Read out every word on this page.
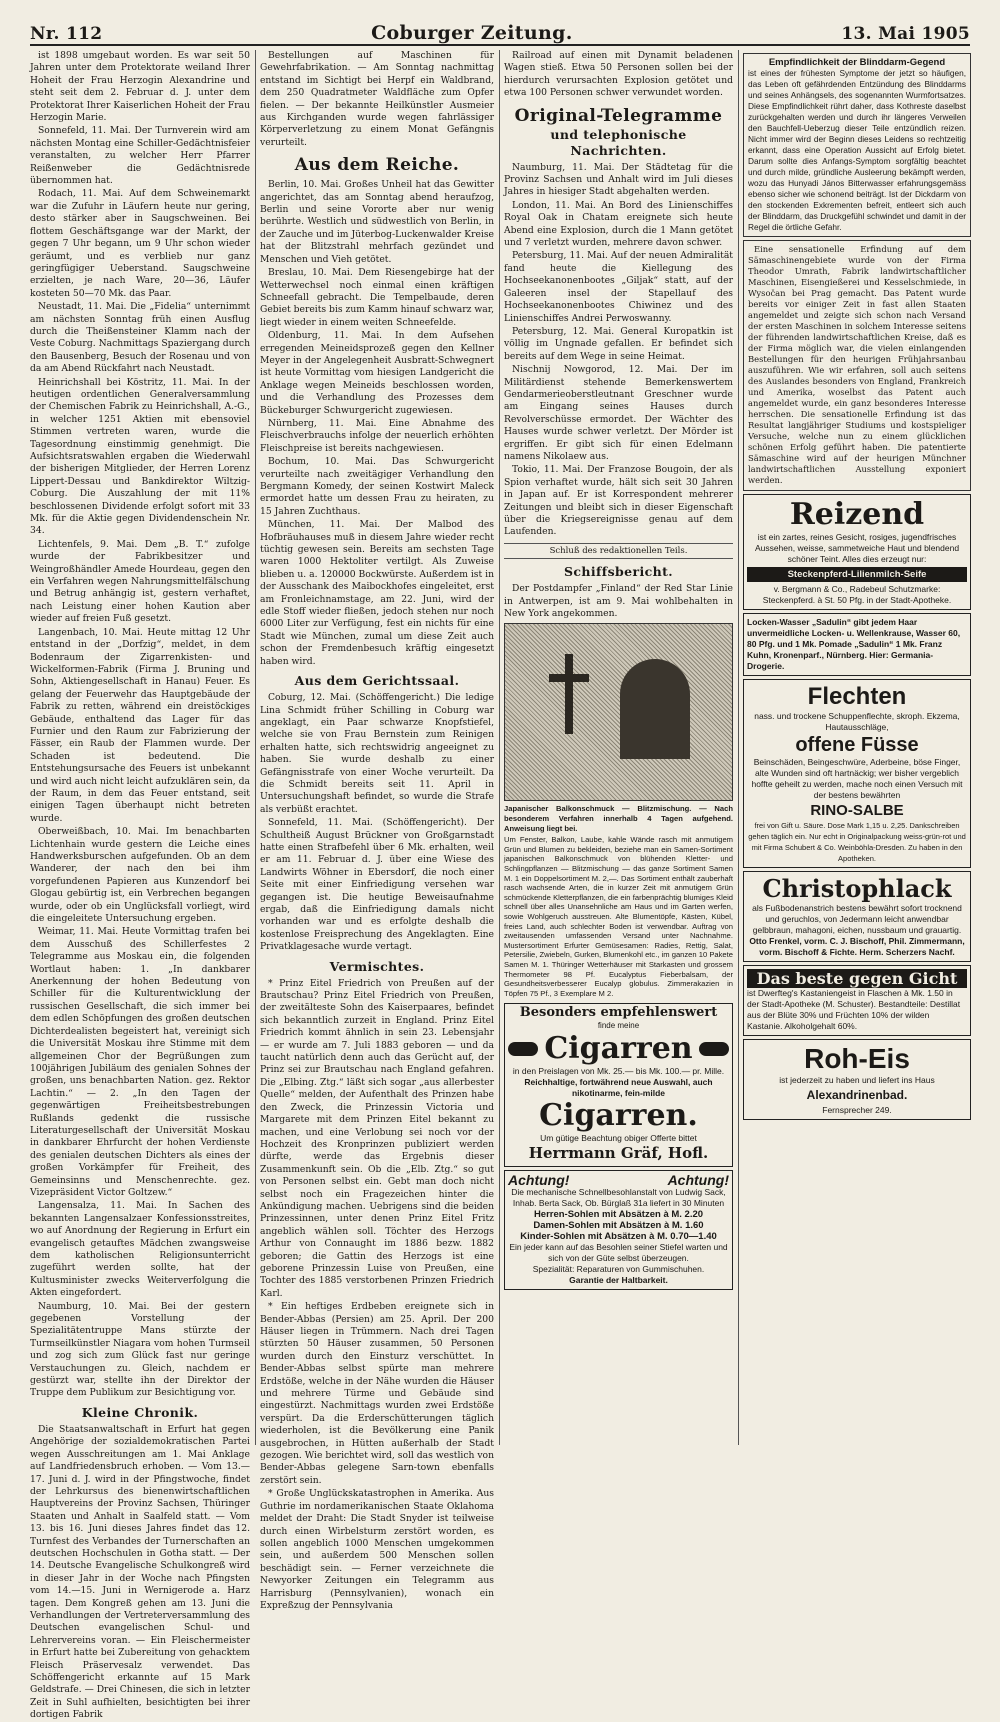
Nr. 112	Coburger Zeitung.	13. Mai 1905

ist 1898 umgebaut worden. Es war seit 50 Jahren unter dem Protektorate weiland Ihrer Hoheit der Frau Herzogin Alexandrine und steht seit dem 2. Februar d. J. unter dem Protektorat Ihrer Kaiserlichen Hoheit der Frau Herzogin Marie.

Sonnefeld, 11. Mai. Der Turnverein wird am nächsten Montag eine Schiller-Gedächtnisfeier veranstalten, zu welcher Herr Pfarrer Reißenweber die Gedächtnisrede übernommen hat.

Rodach, 11. Mai. Auf dem Schweinemarkt war die Zufuhr in Läufern heute nur gering, desto stärker aber in Saugschweinen. Bei flottem Geschäftsgange war der Markt, der gegen 7 Uhr begann, um 9 Uhr schon wieder geräumt, und es verblieb nur ganz geringfügiger Ueberstand. Saugschweine erzielten, je nach Ware, 20—36, Läufer kosteten 50—70 Mk. das Paar.

Neustadt, 11. Mai. Die „Fidelia“ unternimmt am nächsten Sonntag früh einen Ausflug durch die Theißensteiner Klamm nach der Veste Coburg. Nachmittags Spaziergang durch den Bausenberg, Besuch der Rosenau und von da am Abend Rückfahrt nach Neustadt.

Heinrichshall bei Köstritz, 11. Mai. In der heutigen ordentlichen Generalversammlung der Chemischen Fabrik zu Heinrichshall, A.-G., in welcher 1251 Aktien mit ebensoviel Stimmen vertreten waren, wurde die Tagesordnung einstimmig genehmigt. Die Aufsichtsratswahlen ergaben die Wiederwahl der bisherigen Mitglieder, der Herren Lorenz Lippert-Dessau und Bankdirektor Wiltzig-Coburg. Die Auszahlung der mit 11% beschlossenen Dividende erfolgt sofort mit 33 Mk. für die Aktie gegen Dividendenschein Nr. 34.

Lichtenfels, 9. Mai. Dem „B. T.“ zufolge wurde der Fabrikbesitzer und Weingroßhändler Amede Hourdeau, gegen den ein Verfahren wegen Nahrungsmittelfälschung und Betrug anhängig ist, gestern verhaftet, nach Leistung einer hohen Kaution aber wieder auf freien Fuß gesetzt.

Langenbach, 10. Mai. Heute mittag 12 Uhr entstand in der „Dorfzig“, meldet, in dem Bodenraum der Zigarrenkisten- und Wickelformen-Fabrik (Firma J. Bruning und Sohn, Aktiengesellschaft in Hanau) Feuer. Es gelang der Feuerwehr das Hauptgebäude der Fabrik zu retten, während ein dreistöckiges Gebäude, enthaltend das Lager für das Furnier und den Raum zur Fabrizierung der Fässer, ein Raub der Flammen wurde. Der Schaden ist bedeutend. Die Entstehungsursache des Feuers ist unbekannt und wird auch nicht leicht aufzuklären sein, da der Raum, in dem das Feuer entstand, seit einigen Tagen überhaupt nicht betreten wurde.

Oberweißbach, 10. Mai. Im benachbarten Lichtenhain wurde gestern die Leiche eines Handwerksburschen aufgefunden. Ob an dem Wanderer, der nach den bei ihm vorgefundenen Papieren aus Kunzendorf bei Glogau gebürtig ist, ein Verbrechen begangen wurde, oder ob ein Unglücksfall vorliegt, wird die eingeleitete Untersuchung ergeben.

Weimar, 11. Mai. Heute Vormittag trafen bei dem Ausschuß des Schillerfestes 2 Telegramme aus Moskau ein, die folgenden Wortlaut haben: 1. „In dankbarer Anerkennung der hohen Bedeutung von Schiller für die Kulturentwicklung der russischen Gesellschaft, die sich immer bei dem edlen Schöpfungen des großen deutschen Dichterdealisten begeistert hat, vereinigt sich die Universität Moskau ihre Stimme mit dem allgemeinen Chor der Begrüßungen zum 100jährigen Jubiläum des genialen Sohnes der großen, uns benachbarten Nation. gez. Rektor Lachtin.“ — 2. „In den Tagen der gegenwärtigen Freiheitsbestrebungen Rußlands gedenkt die russische Literaturgesellschaft der Universität Moskau in dankbarer Ehrfurcht der hohen Verdienste des genialen deutschen Dichters als eines der großen Vorkämpfer für Freiheit, des Gemeinsinns und Menschenrechte. gez. Vizepräsident Victor Goltzew.“

Langensalza, 11. Mai. In Sachen des bekannten Langensalzaer Konfessionsstreites, wo auf Anordnung der Regierung in Erfurt ein evangelisch getauftes Mädchen zwangsweise dem katholischen Religionsunterricht zugeführt werden sollte, hat der Kultusminister zwecks Weiterverfolgung die Akten eingefordert.

Naumburg, 10. Mai. Bei der gestern gegebenen Vorstellung der Spezialitätentruppe Mans stürzte der Turmseilkünstler Niagara vom hohen Turmseil und zog sich zum Glück fast nur geringe Verstauchungen zu. Gleich, nachdem er gestürzt war, stellte ihn der Direktor der Truppe dem Publikum zur Besichtigung vor.

Kleine Chronik.

Die Staatsanwaltschaft in Erfurt hat gegen Angehörige der sozialdemokratischen Partei wegen Ausschreitungen am 1. Mai Anklage auf Landfriedensbruch erhoben. — Vom 13.—17. Juni d. J. wird in der Pfingstwoche, findet der Lehrkursus des bienenwirtschaftlichen Hauptvereins der Provinz Sachsen, Thüringer Staaten und Anhalt in Saalfeld statt. — Vom 13. bis 16. Juni dieses Jahres findet das 12. Turnfest des Verbandes der Turnerschaften an deutschen Hochschulen in Gotha statt. — Der 14. Deutsche Evangelische Schulkongreß wird in dieser Jahr in der Woche nach Pfingsten vom 14.—15. Juni in Wernigerode a. Harz tagen. Dem Kongreß gehen am 13. Juni die Verhandlungen der Vertreterversammlung des Deutschen evangelischen Schul- und Lehrervereins voran. — Ein Fleischermeister in Erfurt hatte bei Zubereitung von gehacktem Fleisch Präservesalz verwendet. Das Schöffengericht erkannte auf 15 Mark Geldstrafe. — Drei Chinesen, die sich in letzter Zeit in Suhl aufhielten, besichtigten bei ihrer dortigen Fabrik

Bestellungen auf Maschinen für Gewehrfabrikation. — Am Sonntag nachmittag entstand im Sichtigt bei Herpf ein Waldbrand, dem 250 Quadratmeter Waldfläche zum Opfer fielen. — Der bekannte Heilkünstler Ausmeier aus Kirchganden wurde wegen fahrlässiger Körperverletzung zu einem Monat Gefängnis verurteilt.

Aus dem Reiche.

Berlin, 10. Mai. Großes Unheil hat das Gewitter angerichtet, das am Sonntag abend heraufzog, Berlin und seine Vororte aber nur wenig berührte. Westlich und südwestlich von Berlin, in der Zauche und im Jüterbog-Luckenwalder Kreise hat der Blitzstrahl mehrfach gezündet und Menschen und Vieh getötet.

Breslau, 10. Mai. Dem Riesengebirge hat der Wetterwechsel noch einmal einen kräftigen Schneefall gebracht. Die Tempelbaude, deren Gebiet bereits bis zum Kamm hinauf schwarz war, liegt wieder in einem weiten Schneefelde.

Oldenburg, 11. Mai. In dem Aufsehen erregenden Meineidsprozeß gegen den Kellner Meyer in der Angelegenheit Ausbratt-Schwegnert ist heute Vormittag vom hiesigen Landgericht die Anklage wegen Meineids beschlossen worden, und die Verhandlung des Prozesses dem Bückeburger Schwurgericht zugewiesen.

Nürnberg, 11. Mai. Eine Abnahme des Fleischverbrauchs infolge der neuerlich erhöhten Fleischpreise ist bereits nachgewiesen.

Bochum, 10. Mai. Das Schwurgericht verurteilte nach zweitägiger Verhandlung den Bergmann Komedy, der seinen Kostwirt Maleck ermordet hatte um dessen Frau zu heiraten, zu 15 Jahren Zuchthaus.

München, 11. Mai. Der Malbod des Hofbräuhauses muß in diesem Jahre wieder recht tüchtig gewesen sein. Bereits am sechsten Tage waren 1000 Hektoliter vertilgt. Als Zuweise blieben u. a. 120000 Bockwürste. Außerdem ist in der Ausschank des Maibockhofes eingeleitet, erst am Fronleichnamstage, am 22. Juni, wird der edle Stoff wieder fließen, jedoch stehen nur noch 6000 Liter zur Verfügung, fest ein nichts für eine Stadt wie München, zumal um diese Zeit auch schon der Fremdenbesuch kräftig eingesetzt haben wird.

Aus dem Gerichtssaal.

Coburg, 12. Mai. (Schöffengericht.) Die ledige Lina Schmidt früher Schilling in Coburg war angeklagt, ein Paar schwarze Knopfstiefel, welche sie von Frau Bernstein zum Reinigen erhalten hatte, sich rechtswidrig angeeignet zu haben. Sie wurde deshalb zu einer Gefängnisstrafe von einer Woche verurteilt. Da die Schmidt bereits seit 11. April in Untersuchungshaft befindet, so wurde die Strafe als verbüßt erachtet.

Sonnefeld, 11. Mai. (Schöffengericht). Der Schultheiß August Brückner von Großgarnstadt hatte einen Strafbefehl über 6 Mk. erhalten, weil er am 11. Februar d. J. über eine Wiese des Landwirts Wöhner in Ebersdorf, die noch einer Seite mit einer Einfriedigung versehen war gegangen ist. Die heutige Beweisaufnahme ergab, daß die Einfriedigung damals nicht vorhanden war und es erfolgte deshalb die kostenlose Freisprechung des Angeklagten. Eine Privatklagesache wurde vertagt.

Vermischtes.

* Prinz Eitel Friedrich von Preußen auf der Brautschau? Prinz Eitel Friedrich von Preußen, der zweitälteste Sohn des Kaiserpaares, befindet sich bekanntlich zurzeit in England. Prinz Eitel Friedrich kommt ähnlich in sein 23. Lebensjahr — er wurde am 7. Juli 1883 geboren — und da taucht natürlich denn auch das Gerücht auf, der Prinz sei zur Brautschau nach England gefahren. Die „Elbing. Ztg.“ läßt sich sogar „aus allerbester Quelle“ melden, der Aufenthalt des Prinzen habe den Zweck, die Prinzessin Victoria und Margarete mit dem Prinzen Eitel bekannt zu machen, und eine Verlobung sei noch vor der Hochzeit des Kronprinzen publiziert werden dürfte, werde das Ergebnis dieser Zusammenkunft sein. Ob die „Elb. Ztg.“ so gut von Personen selbst ein. Gebt man doch nicht selbst noch ein Fragezeichen hinter die Ankündigung machen. Uebrigens sind die beiden Prinzessinnen, unter denen Prinz Eitel Fritz angeblich wählen soll. Töchter des Herzogs Arthur von Connaught im 1886 bezw. 1882 geboren; die Gattin des Herzogs ist eine geborene Prinzessin Luise von Preußen, eine Tochter des 1885 verstorbenen Prinzen Friedrich Karl.

* Ein heftiges Erdbeben ereignete sich in Bender-Abbas (Persien) am 25. April. Der 200 Häuser liegen in Trümmern. Nach drei Tagen stürzten 50 Häuser zusammen, 50 Personen wurden durch den Einsturz verschüttet. In Bender-Abbas selbst spürte man mehrere Erdstöße, welche in der Nähe wurden die Häuser und mehrere Türme und Gebäude sind eingestürzt. Nachmittags wurden zwei Erdstöße verspürt. Da die Erderschütterungen täglich wiederholen, ist die Bevölkerung eine Panik ausgebrochen, in Hütten außerhalb der Stadt gezogen. Wie berichtet wird, soll das westlich von Bender-Abbas gelegene Sarn-town ebenfalls zerstört sein.

* Große Unglückskatastrophen in Amerika. Aus Guthrie im nordamerikanischen Staate Oklahoma meldet der Draht: Die Stadt Snyder ist teilweise durch einen Wirbelsturm zerstört worden, es sollen angeblich 1000 Menschen umgekommen sein, und außerdem 500 Menschen sollen beschädigt sein. — Ferner verzeichnete die Newyorker Zeitungen ein Telegramm aus Harrisburg (Pennsylvanien), wonach ein Expreßzug der Pennsylvania

Railroad auf einen mit Dynamit beladenen Wagen stieß. Etwa 50 Personen sollen bei der hierdurch verursachten Explosion getötet und etwa 100 Personen schwer verwundet worden.

Original-Telegramme
und telephonische Nachrichten.

Naumburg, 11. Mai. Der Städtetag für die Provinz Sachsen und Anhalt wird im Juli dieses Jahres in hiesiger Stadt abgehalten werden.

London, 11. Mai. An Bord des Linienschiffes Royal Oak in Chatam ereignete sich heute Abend eine Explosion, durch die 1 Mann getötet und 7 verletzt wurden, mehrere davon schwer.

Petersburg, 11. Mai. Auf der neuen Admiralität fand heute die Kiellegung des Hochseekanonenbootes „Giljak“ statt, auf der Galeeren insel der Stapellauf des Hochseekanonenbootes Chiwinez und des Linienschiffes Andrei Perwoswanny.

Petersburg, 12. Mai. General Kuropatkin ist völlig im Ungnade gefallen. Er befindet sich bereits auf dem Wege in seine Heimat.

Nischnij Nowgorod, 12. Mai. Der im Militärdienst stehende Bemerkenswertem Gendarmerieoberstleutnant Greschner wurde am Eingang seines Hauses durch Revolverschüsse ermordet. Der Wächter des Hauses wurde schwer verletzt. Der Mörder ist ergriffen. Er gibt sich für einen Edelmann namens Nikolaew aus.

Tokio, 11. Mai. Der Franzose Bougoin, der als Spion verhaftet wurde, hält sich seit 30 Jahren in Japan auf. Er ist Korrespondent mehrerer Zeitungen und bleibt sich in dieser Eigenschaft über die Kriegsereignisse genau auf dem Laufenden.

Schluß des redaktionellen Teils.
Schiffsbericht.

Der Postdampfer „Finland“ der Red Star Linie in Antwerpen, ist am 9. Mai wohlbehalten in New York angekommen.

Japanischer Balkonschmuck — Blitzmischung. — Nach besonderem Verfahren innerhalb 4 Tagen aufgehend. Anweisung liegt bei.
Um Fenster, Balkon, Laube, kahle Wände rasch mit anmutigem Grün und Blumen zu bekleiden, beziehe man ein Samen-Sortiment japanischen Balkonschmuck von blühenden Kletter- und Schlingpflanzen — Blitzmischung — das ganze Sortiment Samen M. 1 ein Doppelsortiment M. 2,—. Das Sortiment enthält zauberhaft rasch wachsende Arten, die in kurzer Zeit mit anmutigem Grün schmückende Kletterpflanzen, die ein farbenprächtig blumiges Kleid schnell über alles Unansehnliche am Haus und im Garten werfen, sowie Wohlgeruch ausstreuen. Alte Blumentöpfe, Kästen, Kübel, freies Land, auch schlechter Boden ist verwendbar. Auftrag von zweitausenden umfassenden Versand unter Nachnahme. Mustersortiment Erfurter Gemüsesamen: Radies, Rettig, Salat, Petersilie, Zwiebeln, Gurken, Blumenkohl etc., im ganzen 10 Pakete Samen M. 1. Thüringer Wetterhäuser mit Starkasten und grossem Thermometer 98 Pf. Eucalyptus Fieberbalsam, der Gesundheitsverbesserer Eucalyp globulus. Zimmerakazien in Töpfen 75 Pf., 3 Exemplare M 2.
Besonders empfehlenswert
finde meine
Cigarren
in den Preislagen von Mk. 25.— bis Mk. 100.— pr. Mille.
Reichhaltige, fortwährend neue Auswahl, auch nikotinarme, fein-milde
Cigarren.
Um gütige Beachtung obiger Offerte bittet
Herrmann Gräf, Hofl.
Achtung!	Achtung!
Die mechanische Schnellbesohlanstalt von Ludwig Sack, Inhab. Berta Sack, Ob. Bürglaß 31a liefert in 30 Minuten
Herren-Sohlen mit Absätzen à M. 2.20
Damen-Sohlen mit Absätzen à M. 1.60
Kinder-Sohlen mit Absätzen à M. 0.70—1.40
Ein jeder kann auf das Besohlen seiner Stiefel warten und sich von der Güte selbst überzeugen.
Spezialität: Reparaturen von Gummischuhen.
Garantie der Haltbarkeit.
Empfindlichkeit der Blinddarm-Gegend
ist eines der frühesten Symptome der jetzt so häufigen, das Leben oft gefährdenden Entzündung des Blinddarms und seines Anhängsels, des sogenannten Wurmfortsatzes. Diese Empfindlichkeit rührt daher, dass Kothreste daselbst zurückgehalten werden und durch ihr längeres Verweilen den Bauchfell-Ueberzug dieser Teile entzündlich reizen. Nicht immer wird der Beginn dieses Leidens so rechtzeitig erkannt, dass eine Operation Aussicht auf Erfolg bietet. Darum sollte dies Anfangs-Symptom sorgfältig beachtet und durch milde, gründliche Ausleerung bekämpft werden, wozu das Hunyadi János Bitterwasser erfahrungsgemäss ebenso sicher wie schonend beiträgt. Ist der Dickdarm von den stockenden Exkrementen befreit, entleert sich auch der Blinddarm, das Druckgefühl schwindet und damit in der Regel die örtliche Gefahr.

Eine sensationelle Erfindung auf dem Sämaschinengebiete wurde von der Firma Theodor Umrath, Fabrik landwirtschaftlicher Maschinen, Eisengießerei und Kesselschmiede, in Wysočan bei Prag gemacht. Das Patent wurde bereits vor einiger Zeit in fast allen Staaten angemeldet und zeigte sich schon nach Versand der ersten Maschinen in solchem Interesse seitens der führenden landwirtschaftlichen Kreise, daß es der Firma möglich war, die vielen einlangenden Bestellungen für den heurigen Frühjahrsanbau auszuführen. Wie wir erfahren, soll auch seitens des Auslandes besonders von England, Frankreich und Amerika, woselbst das Patent auch angemeldet wurde, ein ganz besonderes Interesse herrschen. Die sensationelle Erfindung ist das Resultat langjähriger Studiums und kostspieliger Versuche, welche nun zu einem glücklichen schönen Erfolg geführt haben. Die patentierte Sämaschine wird auf der heurigen Münchner landwirtschaftlichen Ausstellung exponiert werden.

Reizend
ist ein zartes, reines Gesicht, rosiges, jugendfrisches Aussehen, weisse, sammetweiche Haut und blendend schöner Teint. Alles dies erzeugt nur:
Steckenpferd-Lilienmilch-Seife
v. Bergmann & Co., Radebeul Schutzmarke: Steckenpferd. à St. 50 Pfg. in der Stadt-Apotheke.
Locken-Wasser „Sadulin“ gibt jedem Haar unvermeidliche Locken- u. Wellenkrause, Wasser 60, 80 Pfg. und 1 Mk. Pomade „Sadulin“ 1 Mk. Franz Kuhn, Kronenparf., Nürnberg. Hier: Germania-Drogerie.
Flechten
nass. und trockene Schuppenflechte, skroph. Ekzema, Hautausschläge,
offene Füsse
Beinschäden, Beingeschwüre, Aderbeine, böse Finger, alte Wunden sind oft hartnäckig; wer bisher vergeblich hoffte geheilt zu werden, mache noch einen Versuch mit der bestens bewährten
RINO-SALBE
frei von Gift u. Säure. Dose Mark 1,15 u. 2,25. Dankschreiben gehen täglich ein. Nur echt in Originalpackung weiss-grün-rot und mit Firma Schubert & Co. Weinböhla-Dresden. Zu haben in den Apotheken.
Christophlack
als Fußbodenanstrich bestens bewährt sofort trocknend und geruchlos, von Jedermann leicht anwendbar gelbbraun, mahagoni, eichen, nussbaum und grauartig.
Otto Frenkel, vorm. C. J. Bischoff, Phil. Zimmermann, vorm. Bischoff & Fichte. Herm. Scherzers Nachf.
Das beste gegen Gicht
ist Dwerfteg's Kastaniengeist in Flaschen à Mk. 1.50 in der Stadt-Apotheke (M. Schuster). Bestandteile: Destillat aus der Blüte 30% und Früchten 10% der wilden Kastanie. Alkoholgehalt 60%.
Roh-Eis
ist jederzeit zu haben und liefert ins Haus
Alexandrinenbad.
Fernsprecher 249.
